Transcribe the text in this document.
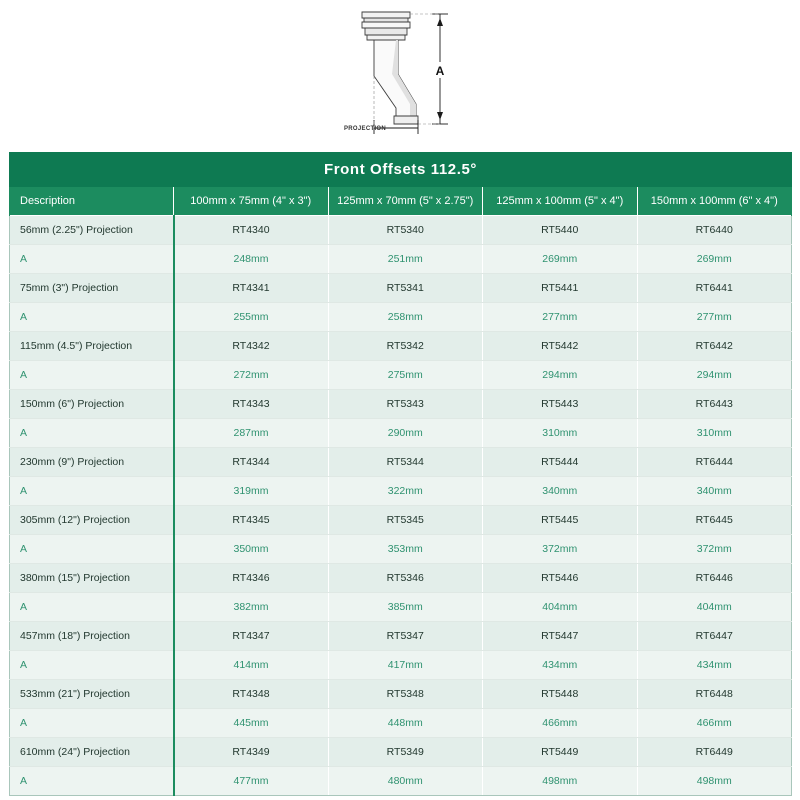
A
PROJECTION
Front Offsets 112.5°
Description	100mm x 75mm (4" x 3")	125mm x 70mm (5" x 2.75")	125mm x 100mm (5" x 4")	150mm x 100mm (6" x 4")
56mm (2.25") Projection	RT4340	RT5340	RT5440	RT6440
A	248mm	251mm	269mm	269mm
75mm (3") Projection	RT4341	RT5341	RT5441	RT6441
A	255mm	258mm	277mm	277mm
115mm (4.5") Projection	RT4342	RT5342	RT5442	RT6442
A	272mm	275mm	294mm	294mm
150mm (6") Projection	RT4343	RT5343	RT5443	RT6443
A	287mm	290mm	310mm	310mm
230mm (9") Projection	RT4344	RT5344	RT5444	RT6444
A	319mm	322mm	340mm	340mm
305mm (12") Projection	RT4345	RT5345	RT5445	RT6445
A	350mm	353mm	372mm	372mm
380mm (15") Projection	RT4346	RT5346	RT5446	RT6446
A	382mm	385mm	404mm	404mm
457mm (18") Projection	RT4347	RT5347	RT5447	RT6447
A	414mm	417mm	434mm	434mm
533mm (21") Projection	RT4348	RT5348	RT5448	RT6448
A	445mm	448mm	466mm	466mm
610mm (24") Projection	RT4349	RT5349	RT5449	RT6449
A	477mm	480mm	498mm	498mm
